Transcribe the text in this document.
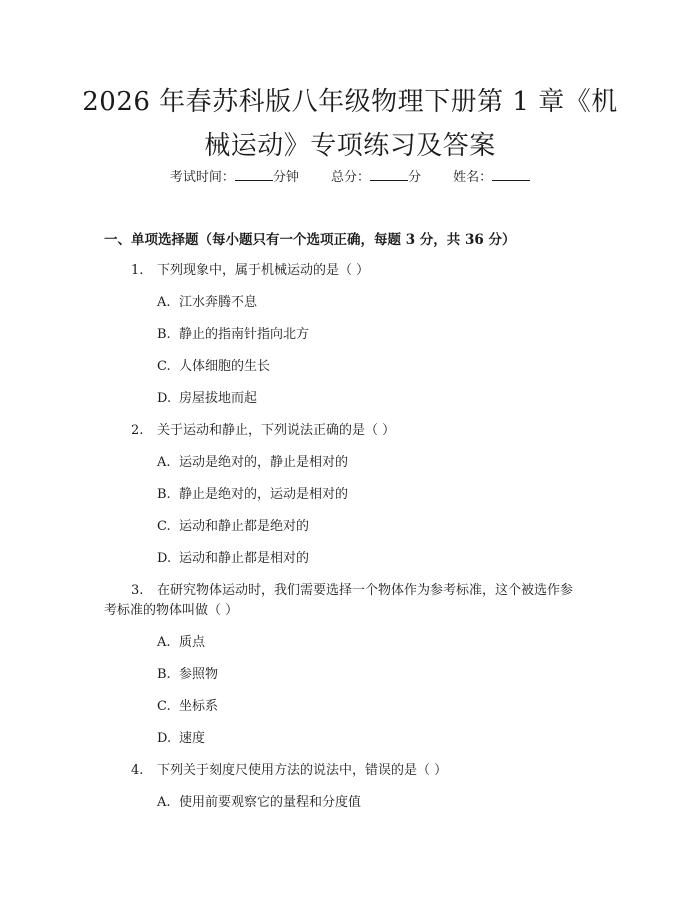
2026 年春苏科版八年级物理下册第 1 章《机
械运动》专项练习及答案
考试时间：	分钟 总分：	分 姓名：
一、单项选择题（每小题只有一个选项正确，每题 3 分，共 36 分）
1. 下列现象中，属于机械运动的是（ ）
A. 江水奔腾不息
B. 静止的指南针指向北方
C. 人体细胞的生长
D. 房屋拔地而起
2. 关于运动和静止，下列说法正确的是（ ）
A. 运动是绝对的，静止是相对的
B. 静止是绝对的，运动是相对的
C. 运动和静止都是绝对的
D. 运动和静止都是相对的
3. 在研究物体运动时，我们需要选择一个物体作为参考标准，这个被选作参
考标准的物体叫做（ ）
A. 质点
B. 参照物
C. 坐标系
D. 速度
4. 下列关于刻度尺使用方法的说法中，错误的是（ ）
A. 使用前要观察它的量程和分度值
